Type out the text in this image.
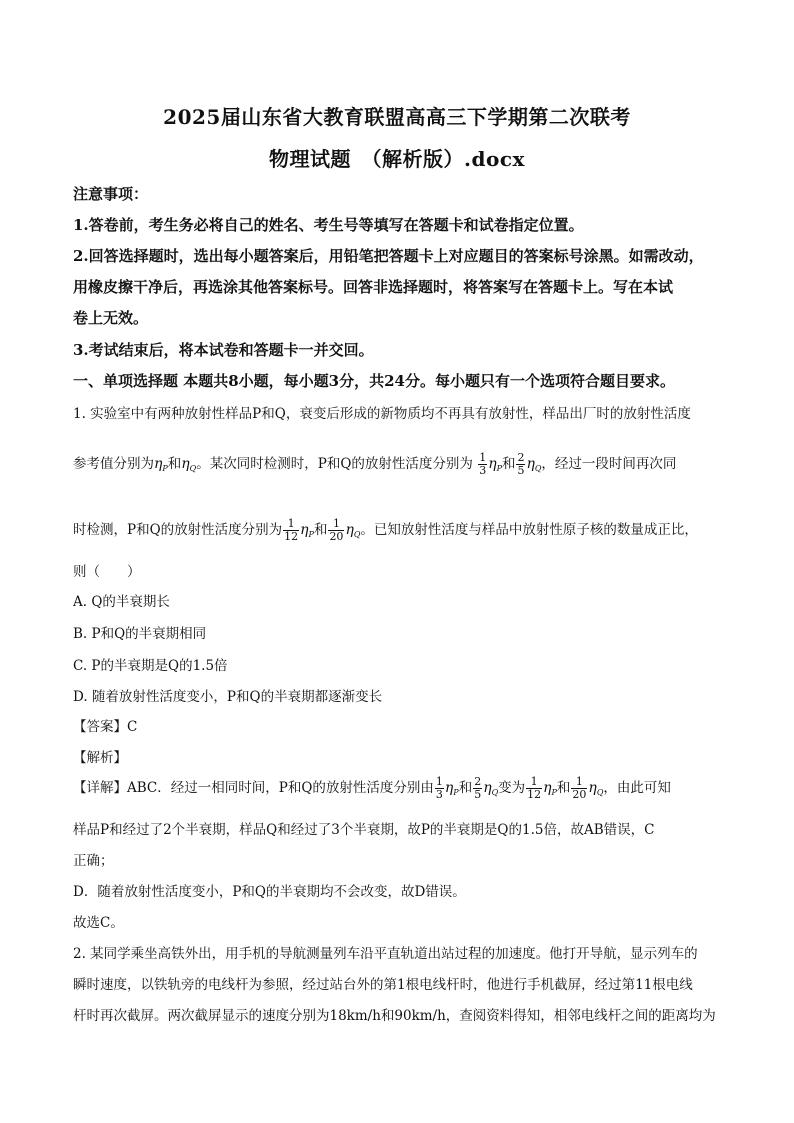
2025届山东省大教育联盟高高三下学期第二次联考
物理试题　（解析版）.docx
注意事项：
1.答卷前，考生务必将自己的姓名、考生号等填写在答题卡和试卷指定位置。
2.回答选择题时，选出每小题答案后，用铅笔把答题卡上对应题目的答案标号涂黑。如需改动，
用橡皮擦干净后，再选涂其他答案标号。回答非选择题时，将答案写在答题卡上。写在本试
卷上无效。
3.考试结束后，将本试卷和答题卡一并交回。
一、单项选择题 本题共8小题，每小题3分，共24分。每小题只有一个选项符合题目要求。
1. 实验室中有两种放射性样品P和Q，衰变后形成的新物质均不再具有放射性，样品出厂时的放射性活度
参考值分别为$\eta_P$和$\eta_Q$。某次同时检测时，P和Q的放射性活度分别为 $\frac{1}{3} \eta_P$和 $\frac{2}{5} \eta_Q$，经过一段时间再次同
时检测，P和Q的放射性活度分别为 $\frac{1}{12} \eta_P$和 $\frac{1}{20} \eta_Q$。已知放射性活度与样品中放射性原子核的数量成正比，
则（　　）
A. Q的半衰期长
B. P和Q的半衰期相同
C. P的半衰期是Q的1.5倍
D. 随着放射性活度变小，P和Q的半衰期都逐渐变长
【答案】C
【解析】
【详解】ABC．经过一相同时间，P和Q的放射性活度分别由 $\frac{1}{3} \eta_P$和 $\frac{2}{5} \eta_Q$变为 $\frac{1}{12} \eta_P$和 $\frac{1}{20} \eta_Q$，由此可知
样品P和经过了2个半衰期，样品Q和经过了3个半衰期，故P的半衰期是Q的1.5倍，故AB错误，C
正确；
D．随着放射性活度变小，P和Q的半衰期均不会改变，故D错误。
故选C。
2. 某同学乘坐高铁外出，用手机的导航测量列车沿平直轨道出站过程的加速度。他打开导航，显示列车的
瞬时速度，以铁轨旁的电线杆为参照，经过站台外的第1根电线杆时，他进行手机截屏，经过第11根电线
杆时再次截屏。两次截屏显示的速度分别为18km/h和90km/h，查阅资料得知，相邻电线杆之间的距离均为
